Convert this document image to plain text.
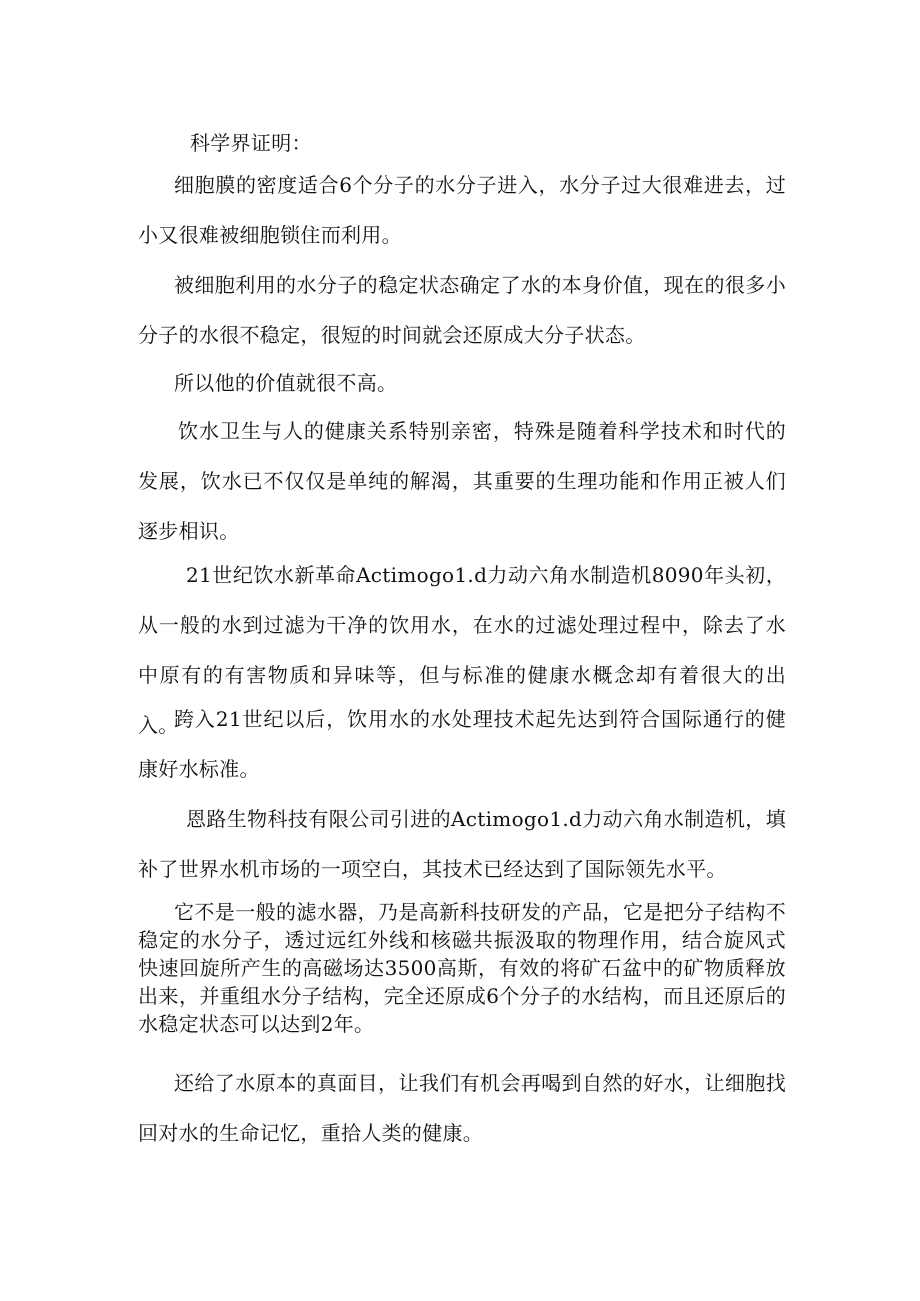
科学界证明：

细胞膜的密度适合6个分子的水分子进入，水分子过大很难进去，过小又很难被细胞锁住而利用。

被细胞利用的水分子的稳定状态确定了水的本身价值，现在的很多小分子的水很不稳定，很短的时间就会还原成大分子状态。

所以他的价值就很不高。

饮水卫生与人的健康关系特别亲密，特殊是随着科学技术和时代的发展，饮水已不仅仅是单纯的解渴，其重要的生理功能和作用正被人们逐步相识。

21世纪饮水新革命Actimogo1.d力动六角水制造机8090年头初，从一般的水到过滤为干净的饮用水，在水的过滤处理过程中，除去了水中原有的有害物质和异味等，但与标准的健康水概念却有着很大的出入。

跨入21世纪以后，饮用水的水处理技术起先达到符合国际通行的健康好水标准。

恩路生物科技有限公司引进的Actimogo1.d力动六角水制造机，填补了世界水机市场的一项空白，其技术已经达到了国际领先水平。

它不是一般的滤水器，乃是高新科技研发的产品，它是把分子结构不稳定的水分子，透过远红外线和核磁共振汲取的物理作用，结合旋风式快速回旋所产生的高磁场达3500高斯，有效的将矿石盆中的矿物质释放出来，并重组水分子结构，完全还原成6个分子的水结构，而且还原后的水稳定状态可以达到2年。

还给了水原本的真面目，让我们有机会再喝到自然的好水，让细胞找回对水的生命记忆，重拾人类的健康。
